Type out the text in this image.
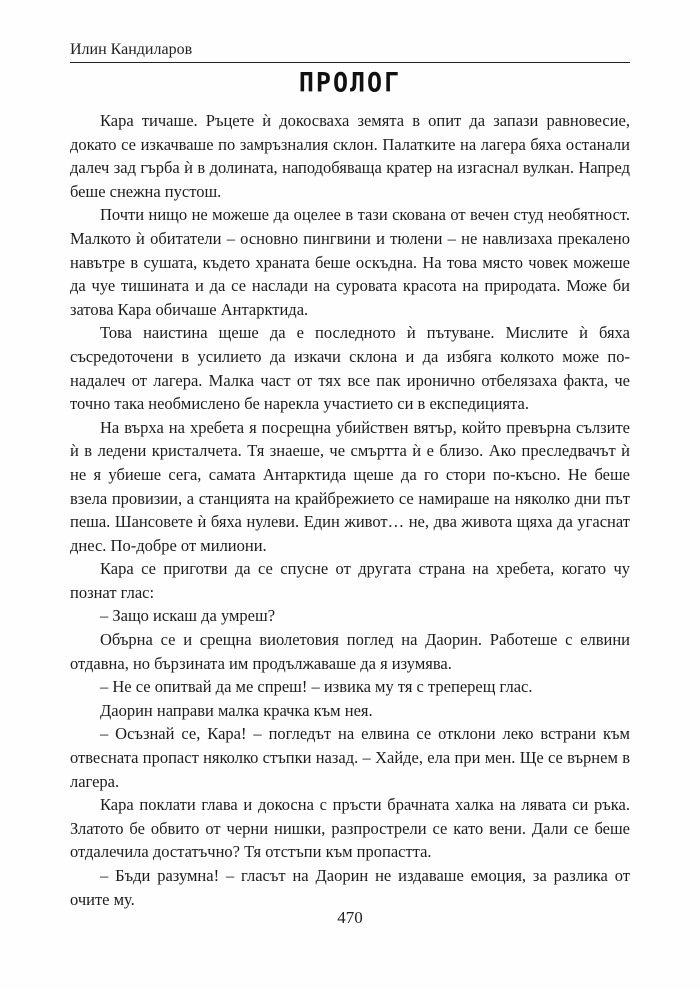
Илин Кандиларов
ПРОЛОГ

Кара тичаше. Ръцете ѝ докосваха земята в опит да запази равновесие, докато се изкачваше по замръзналия склон. Палатките на лагера бяха останали далеч зад гърба ѝ в долината, наподобяваща кратер на изгаснал вулкан. Напред беше снежна пустош.

Почти нищо не можеше да оцелее в тази скована от вечен студ необятност. Малкото ѝ обитатели – основно пингвини и тюлени – не навлизаха прекалено навътре в сушата, където храната беше оскъдна. На това място човек можеше да чуе тишината и да се наслади на суровата красота на природата. Може би затова Кара обичаше Антарктида.

Това наистина щеше да е последното ѝ пътуване. Мислите ѝ бяха съсредоточени в усилието да изкачи склона и да избяга колкото може по-надалеч от лагера. Малка част от тях все пак иронично отбелязаха факта, че точно така необмислено бе нарекла участието си в експедицията.

На върха на хребета я посрещна убийствен вятър, който превърна сълзите ѝ в ледени кристалчета. Тя знаеше, че смъртта ѝ е близо. Ако преследвачът ѝ не я убиеше сега, самата Антарктида щеше да го стори по-късно. Не беше взела провизии, а станцията на крайбрежието се намираше на няколко дни път пеша. Шансовете ѝ бяха нулеви. Един живот… не, два живота щяха да угаснат днес. По-добре от милиони.

Кара се приготви да се спусне от другата страна на хребета, когато чу познат глас:

– Защо искаш да умреш?

Обърна се и срещна виолетовия поглед на Даорин. Работеше с елвини отдавна, но бързината им продължаваше да я изумява.

– Не се опитвай да ме спреш! – извика му тя с треперещ глас.

Даорин направи малка крачка към нея.

– Осъзнай се, Кара! – погледът на елвина се отклони леко встрани към отвесната пропаст няколко стъпки назад. – Хайде, ела при мен. Ще се върнем в лагера.

Кара поклати глава и докосна с пръсти брачната халка на лявата си ръка. Златото бе обвито от черни нишки, разпрострели се като вени. Дали се беше отдалечила достатъчно? Тя отстъпи към пропастта.

– Бъди разумна! – гласът на Даорин не издаваше емоция, за разлика от очите му.

470
